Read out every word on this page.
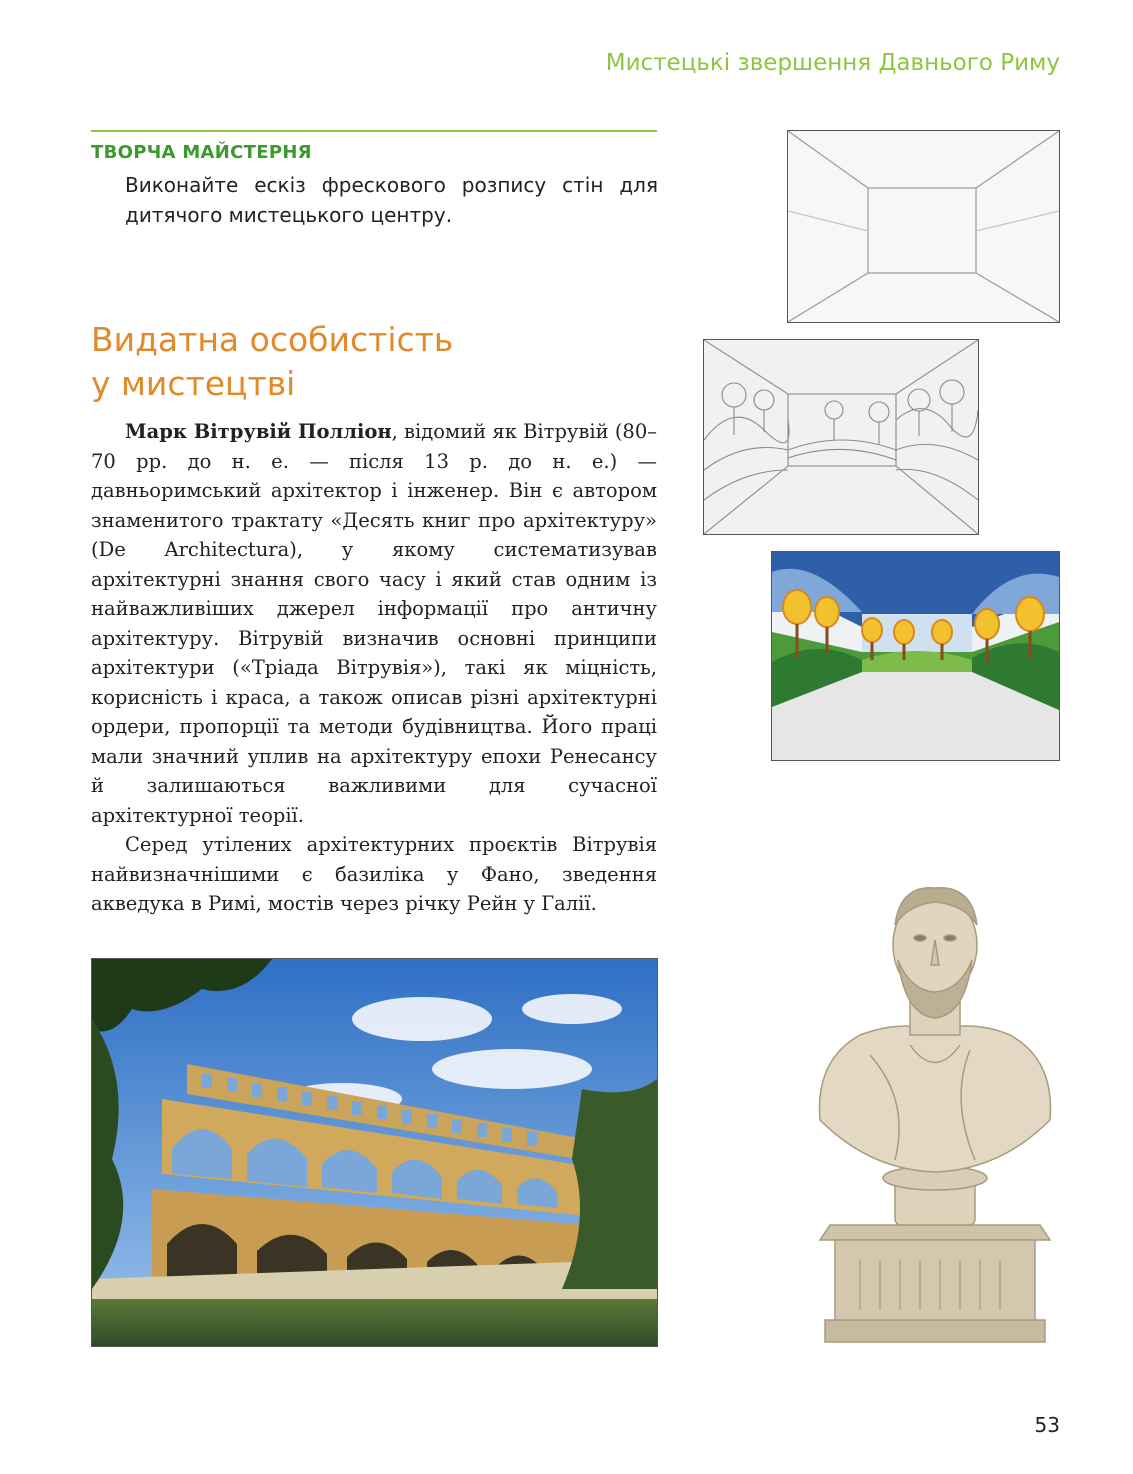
Мистецькі звершення Давнього Риму
ТВОРЧА МАЙСТЕРНЯ
Виконайте ескіз фрескового розпису стін для дитячого мистецького центру.
Видатна особистість
у мистецтві

Марк Вітрувій Полліон, відомий як Вітрувій (80–70 рр. до н. е. — після 13 р. до н. е.) — давньоримський архітектор і інженер. Він є автором знаменитого трактату «Десять книг про архітектуру» (De Architectura), у якому систематизував архітектурні знання свого часу і який став одним із найважливіших джерел інформації про античну архітектуру. Вітрувій визначив основні принципи архітектури («Тріада Вітрувія»), такі як міцність, корисність і краса, а також описав різні архітектурні ордери, пропорції та методи будівництва. Його праці мали значний уплив на архітектуру епохи Ренесансу й залишаються важливими для сучасної архітектурної теорії.

Серед утілених архітектурних проєктів Вітрувія найвизначнішими є базиліка у Фано, зведення акведука в Римі, мостів через річку Рейн у Галії.

53
